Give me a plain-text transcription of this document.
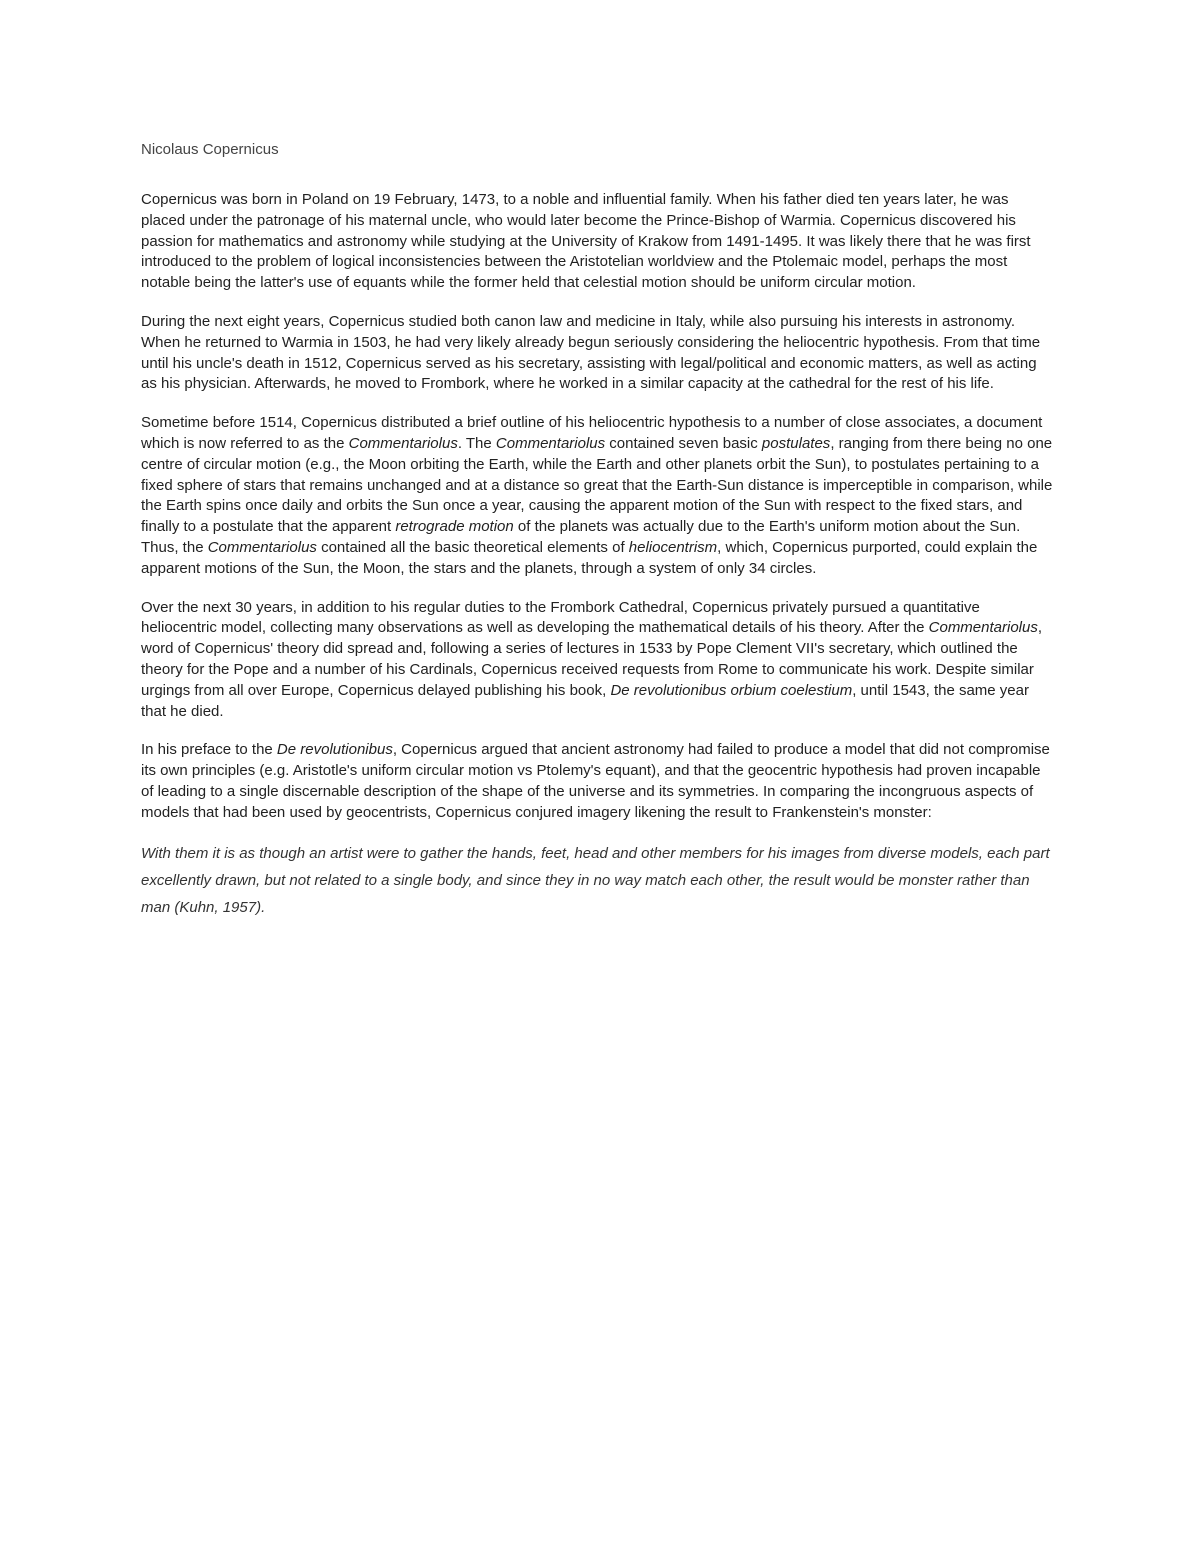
Nicolaus Copernicus

Copernicus was born in Poland on 19 February, 1473, to a noble and influential family. When his father died ten years later, he was placed under the patronage of his maternal uncle, who would later become the Prince-Bishop of Warmia. Copernicus discovered his passion for mathematics and astronomy while studying at the University of Krakow from 1491-1495. It was likely there that he was first introduced to the problem of logical inconsistencies between the Aristotelian worldview and the Ptolemaic model, perhaps the most notable being the latter's use of equants while the former held that celestial motion should be uniform circular motion.

During the next eight years, Copernicus studied both canon law and medicine in Italy, while also pursuing his interests in astronomy. When he returned to Warmia in 1503, he had very likely already begun seriously considering the heliocentric hypothesis. From that time until his uncle's death in 1512, Copernicus served as his secretary, assisting with legal/political and economic matters, as well as acting as his physician. Afterwards, he moved to Frombork, where he worked in a similar capacity at the cathedral for the rest of his life.

Sometime before 1514, Copernicus distributed a brief outline of his heliocentric hypothesis to a number of close associates, a document which is now referred to as the Commentariolus. The Commentariolus contained seven basic postulates, ranging from there being no one centre of circular motion (e.g., the Moon orbiting the Earth, while the Earth and other planets orbit the Sun), to postulates pertaining to a fixed sphere of stars that remains unchanged and at a distance so great that the Earth-Sun distance is imperceptible in comparison, while the Earth spins once daily and orbits the Sun once a year, causing the apparent motion of the Sun with respect to the fixed stars, and finally to a postulate that the apparent retrograde motion of the planets was actually due to the Earth's uniform motion about the Sun. Thus, the Commentariolus contained all the basic theoretical elements of heliocentrism, which, Copernicus purported, could explain the apparent motions of the Sun, the Moon, the stars and the planets, through a system of only 34 circles.

Over the next 30 years, in addition to his regular duties to the Frombork Cathedral, Copernicus privately pursued a quantitative heliocentric model, collecting many observations as well as developing the mathematical details of his theory. After the Commentariolus, word of Copernicus' theory did spread and, following a series of lectures in 1533 by Pope Clement VII's secretary, which outlined the theory for the Pope and a number of his Cardinals, Copernicus received requests from Rome to communicate his work. Despite similar urgings from all over Europe, Copernicus delayed publishing his book, De revolutionibus orbium coelestium, until 1543, the same year that he died.

In his preface to the De revolutionibus, Copernicus argued that ancient astronomy had failed to produce a model that did not compromise its own principles (e.g. Aristotle's uniform circular motion vs Ptolemy's equant), and that the geocentric hypothesis had proven incapable of leading to a single discernable description of the shape of the universe and its symmetries. In comparing the incongruous aspects of models that had been used by geocentrists, Copernicus conjured imagery likening the result to Frankenstein's monster:

With them it is as though an artist were to gather the hands, feet, head and other members for his images from diverse models, each part excellently drawn, but not related to a single body, and since they in no way match each other, the result would be monster rather than man (Kuhn, 1957).
